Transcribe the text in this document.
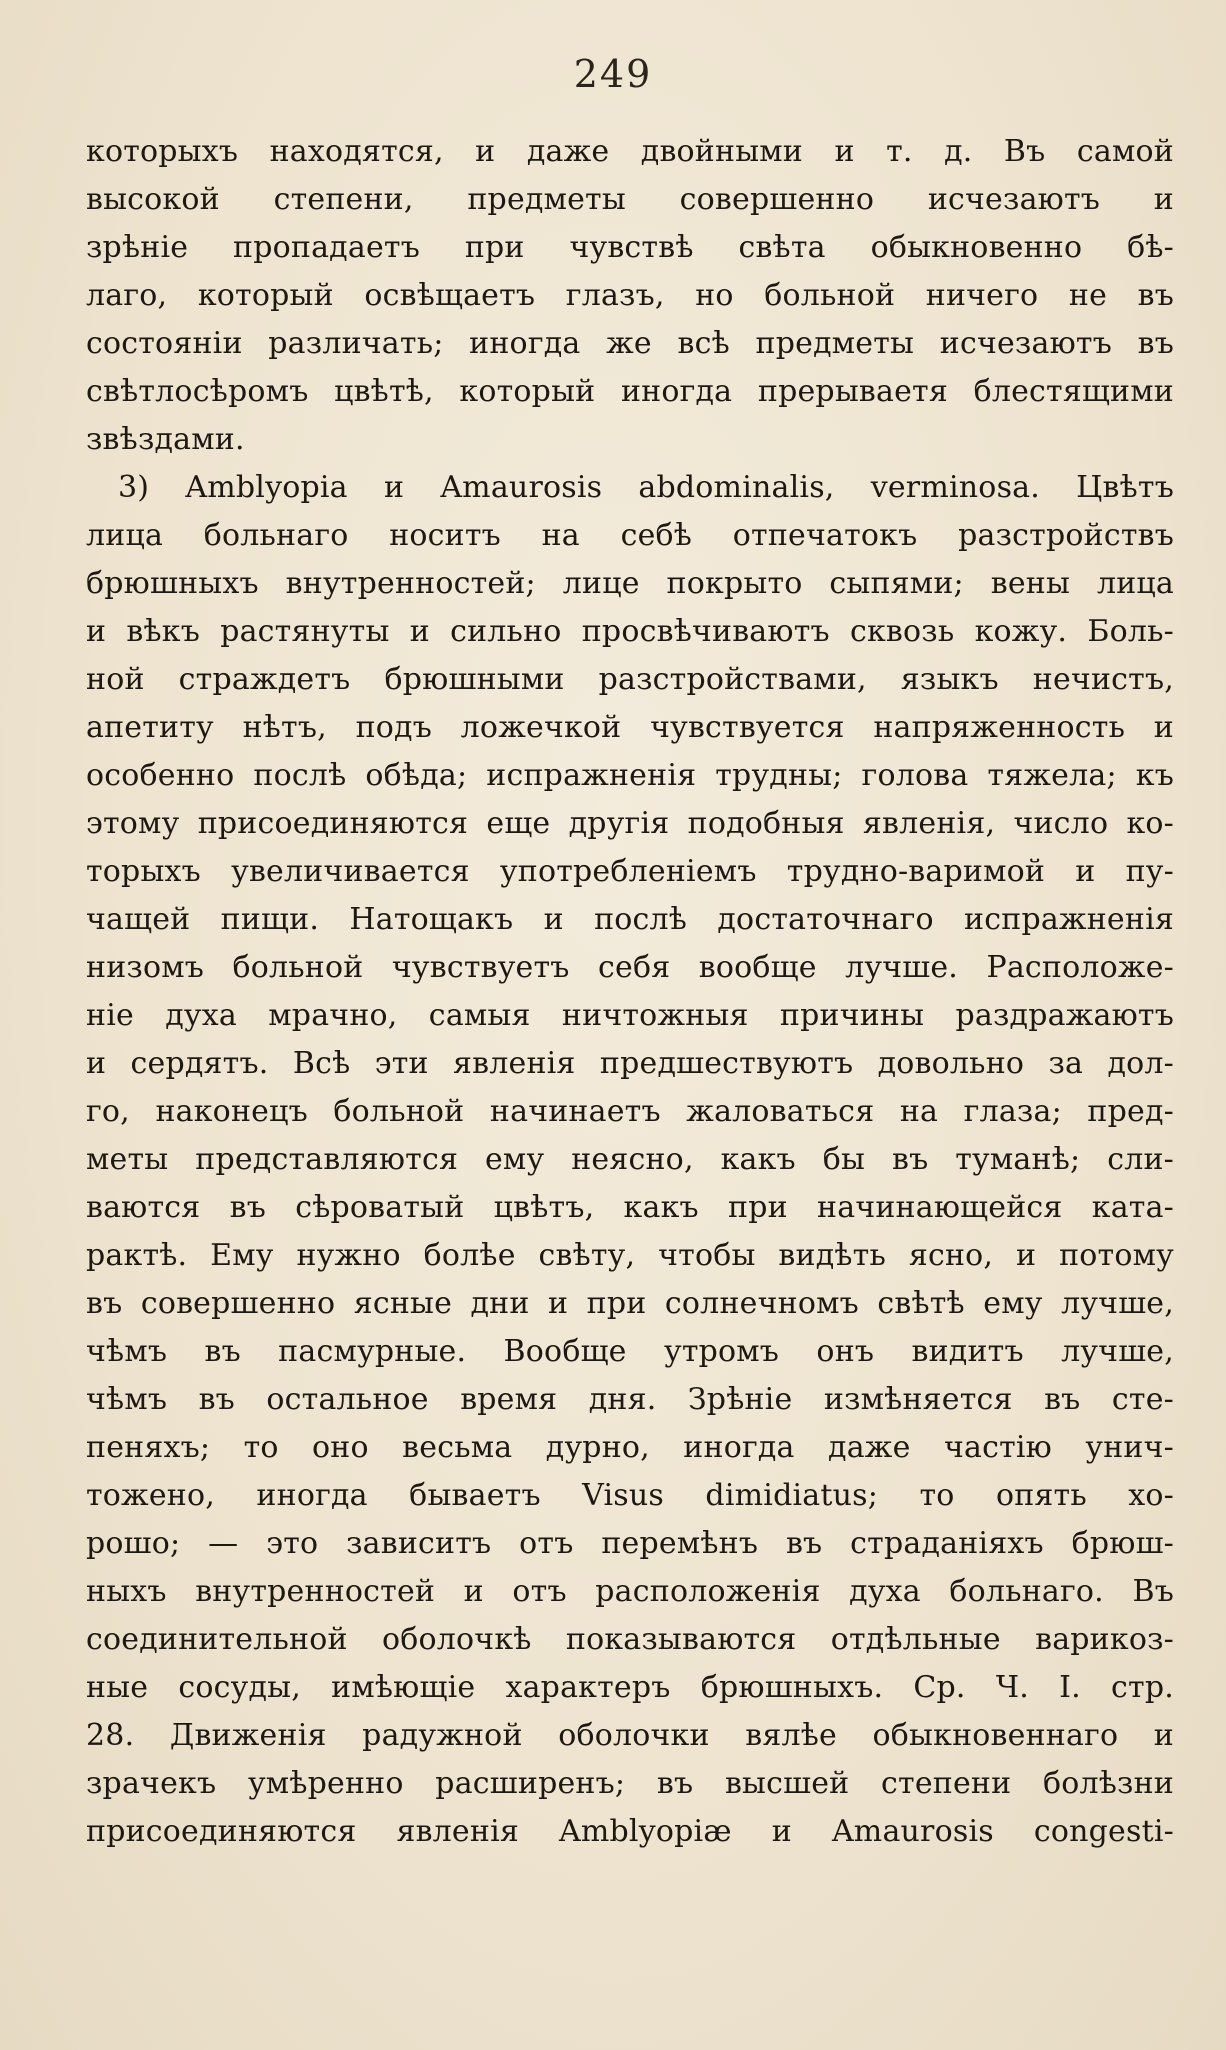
249
которыхъ находятся, и даже двойными и т. д. Въ самой
высокой степени, предметы совершенно исчезаютъ и
зрѣніе пропадаетъ при чувствѣ свѣта обыкновенно бѣ-
лаго, который освѣщаетъ глазъ, но больной ничего не въ
состояніи различать; иногда же всѣ предметы исчезаютъ въ
свѣтлосѣромъ цвѣтѣ, который иногда прерываетя блестящими
звѣздами.
3) Amblyopia и Amaurosis abdominalis, verminosa. Цвѣтъ
лица больнаго носитъ на себѣ отпечатокъ разстройствъ
брюшныхъ внутренностей; лице покрыто сыпями; вены лица
и вѣкъ растянуты и сильно просвѣчиваютъ сквозь кожу. Боль-
ной страждетъ брюшными разстройствами, языкъ нечистъ,
апетиту нѣтъ, подъ ложечкой чувствуется напряженность и
особенно послѣ обѣда; испражненія трудны; голова тяжела; къ
этому присоединяются еще другія подобныя явленія, число ко-
торыхъ увеличивается употребленіемъ трудно-варимой и пу-
чащей пищи. Натощакъ и послѣ достаточнаго испражненія
низомъ больной чувствуетъ себя вообще лучше. Расположе-
ніе духа мрачно, самыя ничтожныя причины раздражаютъ
и сердятъ. Всѣ эти явленія предшествуютъ довольно за дол-
го, наконецъ больной начинаетъ жаловаться на глаза; пред-
меты представляются ему неясно, какъ бы въ туманѣ; сли-
ваются въ сѣроватый цвѣтъ, какъ при начинающейся ката-
рактѣ. Ему нужно болѣе свѣту, чтобы видѣть ясно, и потому
въ совершенно ясные дни и при солнечномъ свѣтѣ ему лучше,
чѣмъ въ пасмурные. Вообще утромъ онъ видитъ лучше,
чѣмъ въ остальное время дня. Зрѣніе измѣняется въ сте-
пеняхъ; то оно весьма дурно, иногда даже частію унич-
тожено, иногда бываетъ Visus dimidiatus; то опять хо-
рошо; — это зависитъ отъ перемѣнъ въ страданіяхъ брюш-
ныхъ внутренностей и отъ расположенія духа больнаго. Въ
соединительной оболочкѣ показываются отдѣльные варикоз-
ные сосуды, имѣющіе характеръ брюшныхъ. Ср. Ч. I. стр.
28. Движенія радужной оболочки вялѣе обыкновеннаго и
зрачекъ умѣренно расширенъ; въ высшей степени болѣзни
присоединяются явленія Amblyopiæ и Amaurosis congesti-
